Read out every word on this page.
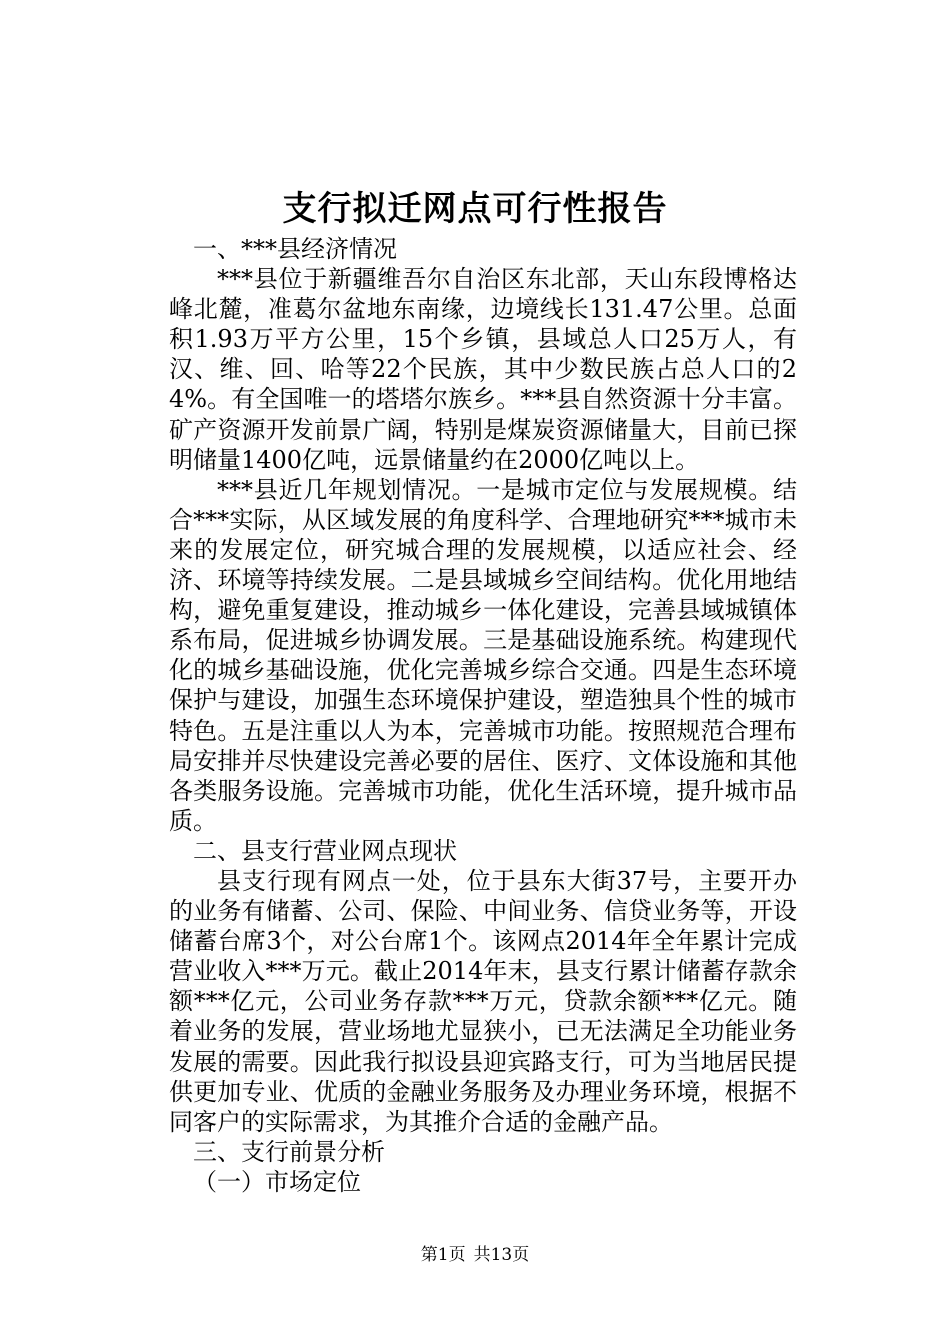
支行拟迁网点可行性报告

一、***县经济情况

***县位于新疆维吾尔自治区东北部，天山东段博格达峰北麓，准葛尔盆地东南缘，边境线长131.47公里。总面积1.93万平方公里，15个乡镇，县域总人口25万人，有汉、维、回、哈等22个民族，其中少数民族占总人口的24%。有全国唯一的塔塔尔族乡。***县自然资源十分丰富。矿产资源开发前景广阔，特别是煤炭资源储量大，目前已探明储量1400亿吨，远景储量约在2000亿吨以上。

***县近几年规划情况。一是城市定位与发展规模。结合***实际，从区域发展的角度科学、合理地研究***城市未来的发展定位，研究城合理的发展规模，以适应社会、经济、环境等持续发展。二是县域城乡空间结构。优化用地结构，避免重复建设，推动城乡一体化建设，完善县域城镇体系布局，促进城乡协调发展。三是基础设施系统。构建现代化的城乡基础设施，优化完善城乡综合交通。四是生态环境保护与建设，加强生态环境保护建设，塑造独具个性的城市特色。五是注重以人为本，完善城市功能。按照规范合理布局安排并尽快建设完善必要的居住、医疗、文体设施和其他各类服务设施。完善城市功能，优化生活环境，提升城市品质。

二、县支行营业网点现状

县支行现有网点一处，位于县东大街37号，主要开办的业务有储蓄、公司、保险、中间业务、信贷业务等，开设储蓄台席3个，对公台席1个。该网点2014年全年累计完成营业收入***万元。截止2014年末，县支行累计储蓄存款余额***亿元，公司业务存款***万元，贷款余额***亿元。随着业务的发展，营业场地尤显狭小，已无法满足全功能业务发展的需要。因此我行拟设县迎宾路支行，可为当地居民提供更加专业、优质的金融业务服务及办理业务环境，根据不同客户的实际需求，为其推介合适的金融产品。

三、支行前景分析

（一）市场定位

第1页 共13页
